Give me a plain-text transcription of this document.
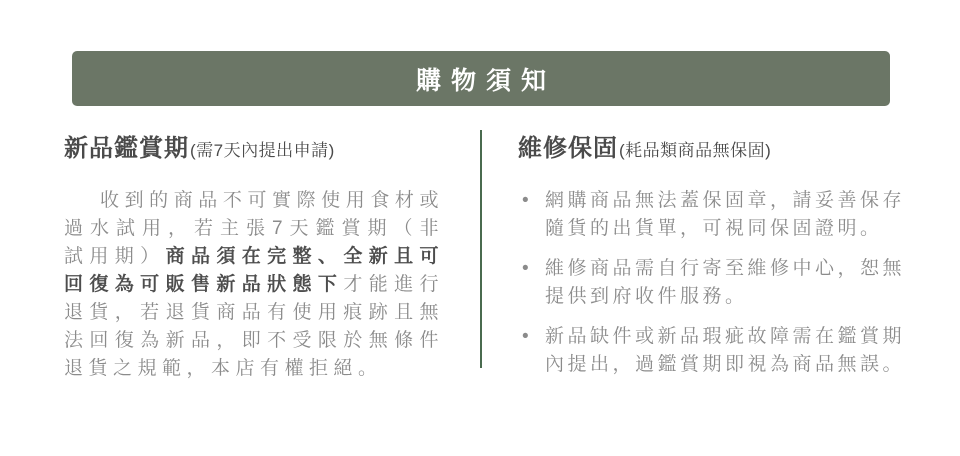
購物須知
新品鑑賞期(需7天內提出申請)

收到的商品不可實際使用食材或過水試用，若主張7天鑑賞期（非試用期）商品須在完整、全新且可回復為可販售新品狀態下才能進行退貨，若退貨商品有使用痕跡且無法回復為新品，即不受限於無條件退貨之規範，本店有權拒絕。

維修保固(耗品類商品無保固)
• 網購商品無法蓋保固章，請妥善保存隨貨的出貨單，可視同保固證明。
• 維修商品需自行寄至維修中心，恕無提供到府收件服務。
• 新品缺件或新品瑕疵故障需在鑑賞期內提出，過鑑賞期即視為商品無誤。
